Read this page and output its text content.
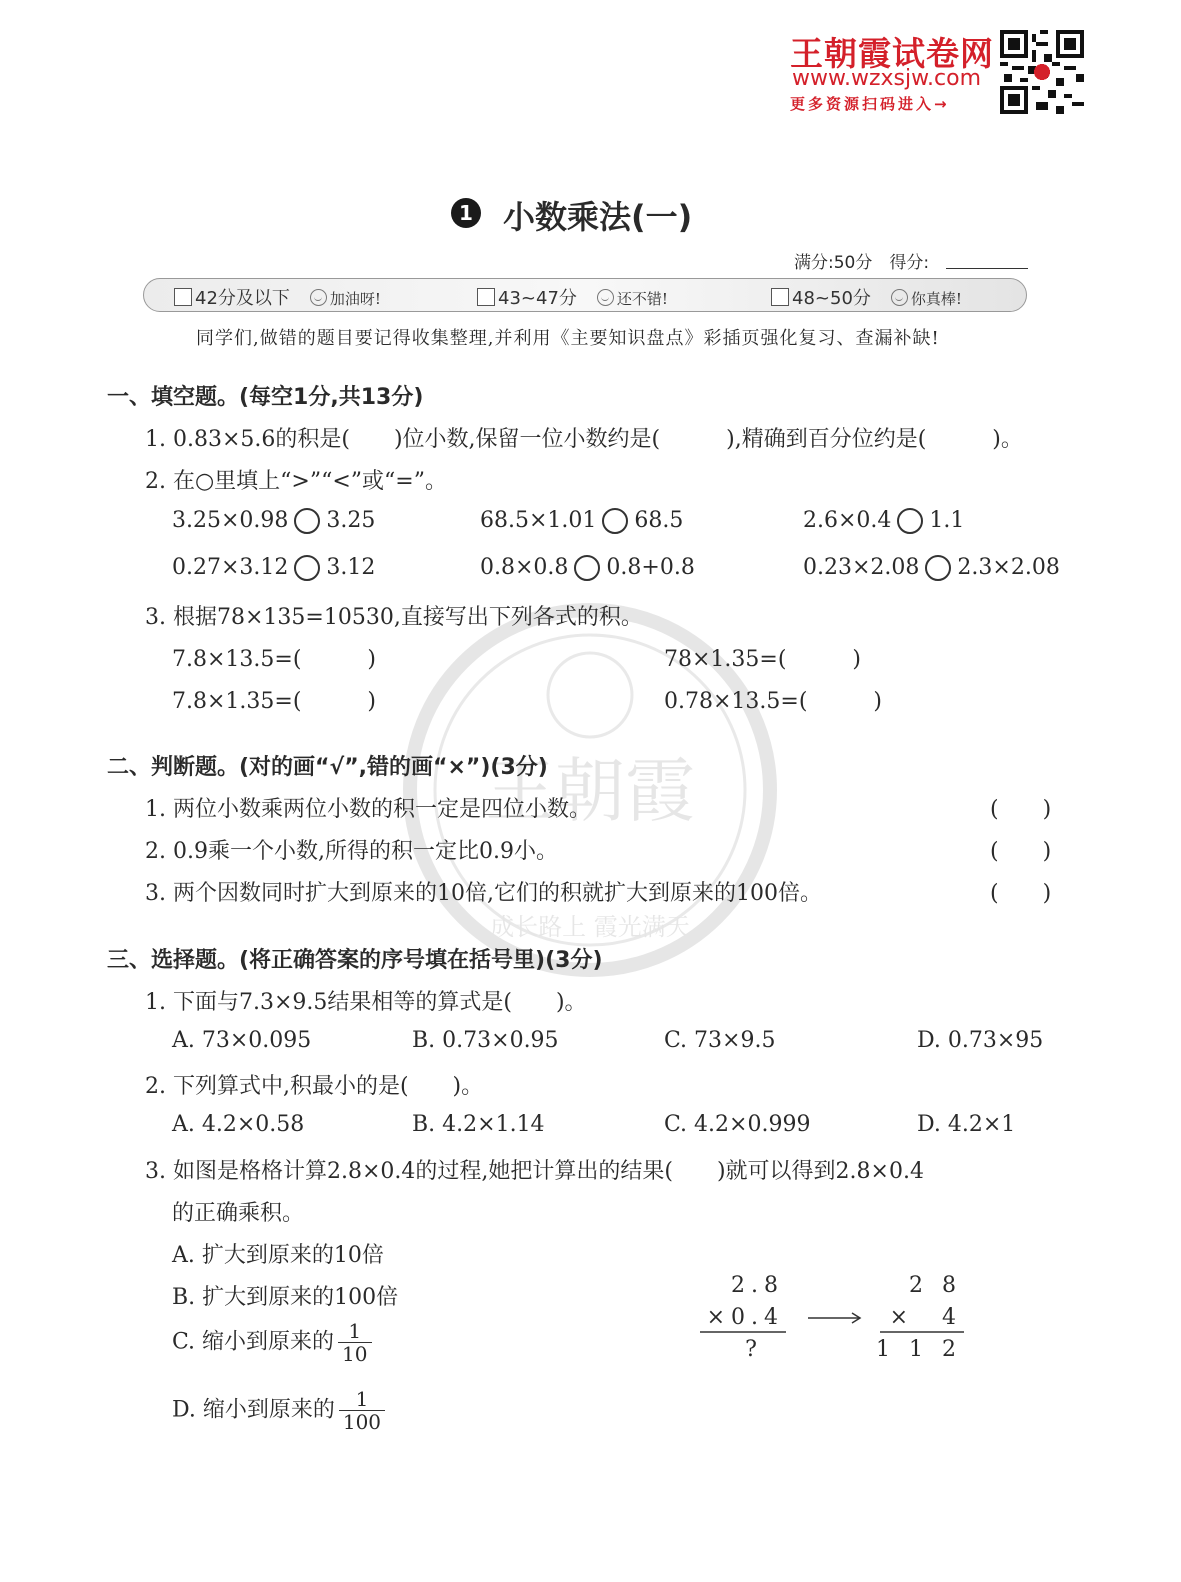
王朝霞
成长路上 霞光满天
王朝霞试卷网
www.wzxsjw.com
更多资源扫码进入→
1 小数乘法(一)
满分:50分　得分:
42分及以下	加油呀!	43~47分	还不错!	48~50分	你真棒!
同学们,做错的题目要记得收集整理,并利用《主要知识盘点》彩插页强化复习、查漏补缺!
一、填空题。(每空1分,共13分)
1. 0.83×5.6的积是(　　)位小数,保留一位小数约是(　　　),精确到百分位约是(　　　)。
2. 在○里填上“>”“<”或“=”。
3.25×0.98 3.25	68.5×1.01 68.5	2.6×0.4 1.1
0.27×3.12 3.12	0.8×0.8 0.8+0.8	0.23×2.08 2.3×2.08
3. 根据78×135=10530,直接写出下列各式的积。
7.8×13.5=(　　　)	78×1.35=(　　　)
7.8×1.35=(　　　)	0.78×13.5=(　　　)
二、判断题。(对的画“√”,错的画“×”)(3分)
1. 两位小数乘两位小数的积一定是四位小数。	(　　)
2. 0.9乘一个小数,所得的积一定比0.9小。	(　　)
3. 两个因数同时扩大到原来的10倍,它们的积就扩大到原来的100倍。	(　　)
三、选择题。(将正确答案的序号填在括号里)(3分)
1. 下面与7.3×9.5结果相等的算式是(　　)。
A. 73×0.095	B. 0.73×0.95	C. 73×9.5	D. 0.73×95
2. 下列算式中,积最小的是(　　)。
A. 4.2×0.58	B. 4.2×1.14	C. 4.2×0.999	D. 4.2×1
3. 如图是格格计算2.8×0.4的过程,她把计算出的结果(　　)就可以得到2.8×0.4
的正确乘积。
A. 扩大到原来的10倍
B. 扩大到原来的100倍
C. 缩小到原来的 $\frac{1}{10}$
D. 缩小到原来的 $\frac{1}{100}$
2.8
×0.4
?
2 8
×　4
1 1 2
